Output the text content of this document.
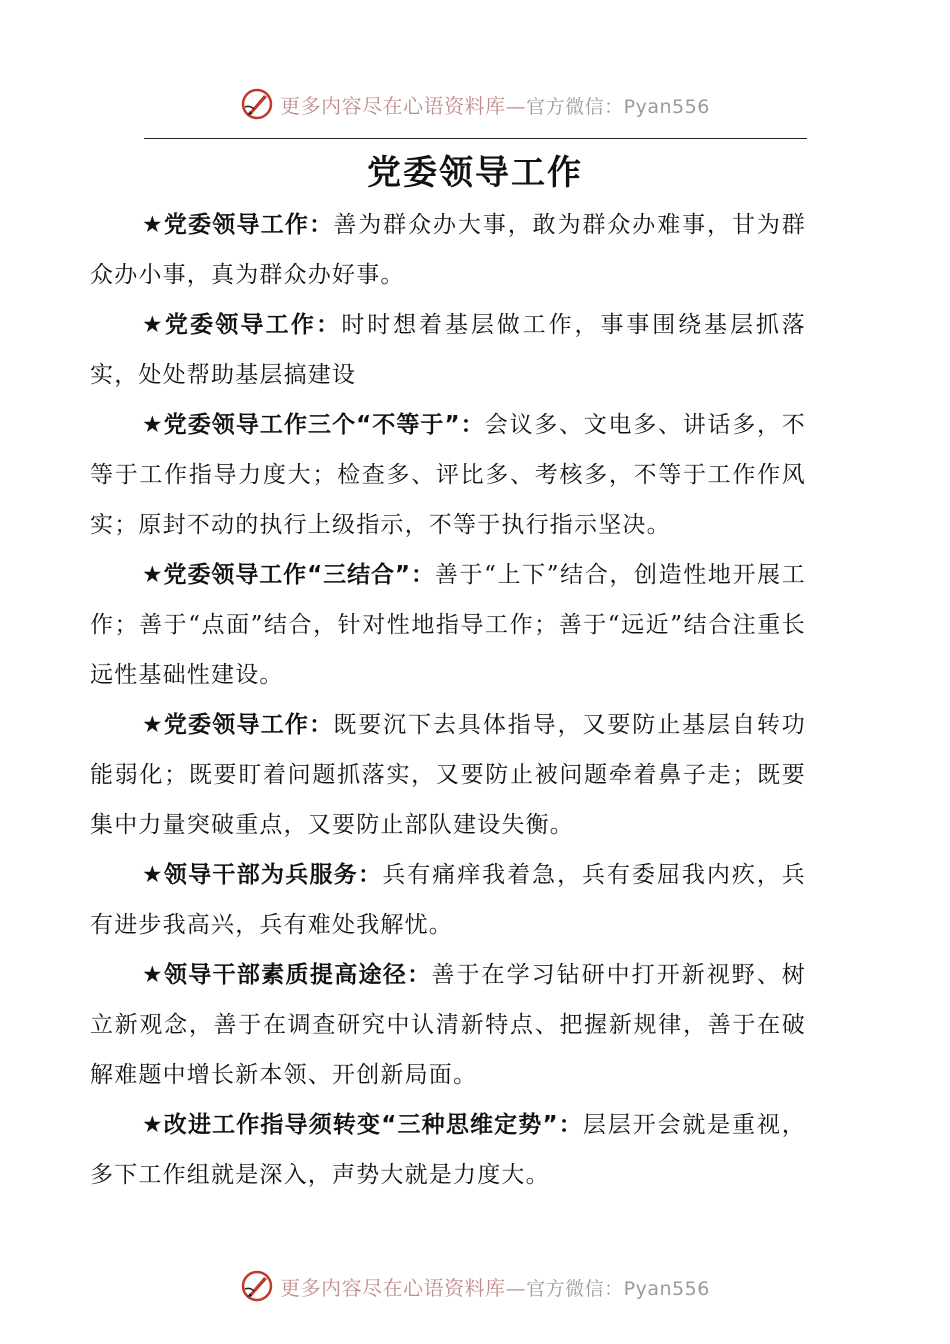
更多内容尽在心语资料库—官方微信：Pyan556
党委领导工作

★党委领导工作：善为群众办大事，敢为群众办难事，甘为群众办小事，真为群众办好事。

★党委领导工作：时时想着基层做工作，事事围绕基层抓落实，处处帮助基层搞建设

★党委领导工作三个“不等于”：会议多、文电多、讲话多，不等于工作指导力度大；检查多、评比多、考核多，不等于工作作风实；原封不动的执行上级指示，不等于执行指示坚决。

★党委领导工作“三结合”：善于“上下”结合，创造性地开展工作；善于“点面”结合，针对性地指导工作；善于“远近”结合注重长远性基础性建设。

★党委领导工作：既要沉下去具体指导，又要防止基层自转功能弱化；既要盯着问题抓落实，又要防止被问题牵着鼻子走；既要集中力量突破重点，又要防止部队建设失衡。

★领导干部为兵服务：兵有痛痒我着急，兵有委屈我内疚，兵有进步我高兴，兵有难处我解忧。

★领导干部素质提高途径：善于在学习钻研中打开新视野、树立新观念，善于在调查研究中认清新特点、把握新规律，善于在破解难题中增长新本领、开创新局面。

★改进工作指导须转变“三种思维定势”：层层开会就是重视，多下工作组就是深入，声势大就是力度大。

更多内容尽在心语资料库—官方微信：Pyan556
